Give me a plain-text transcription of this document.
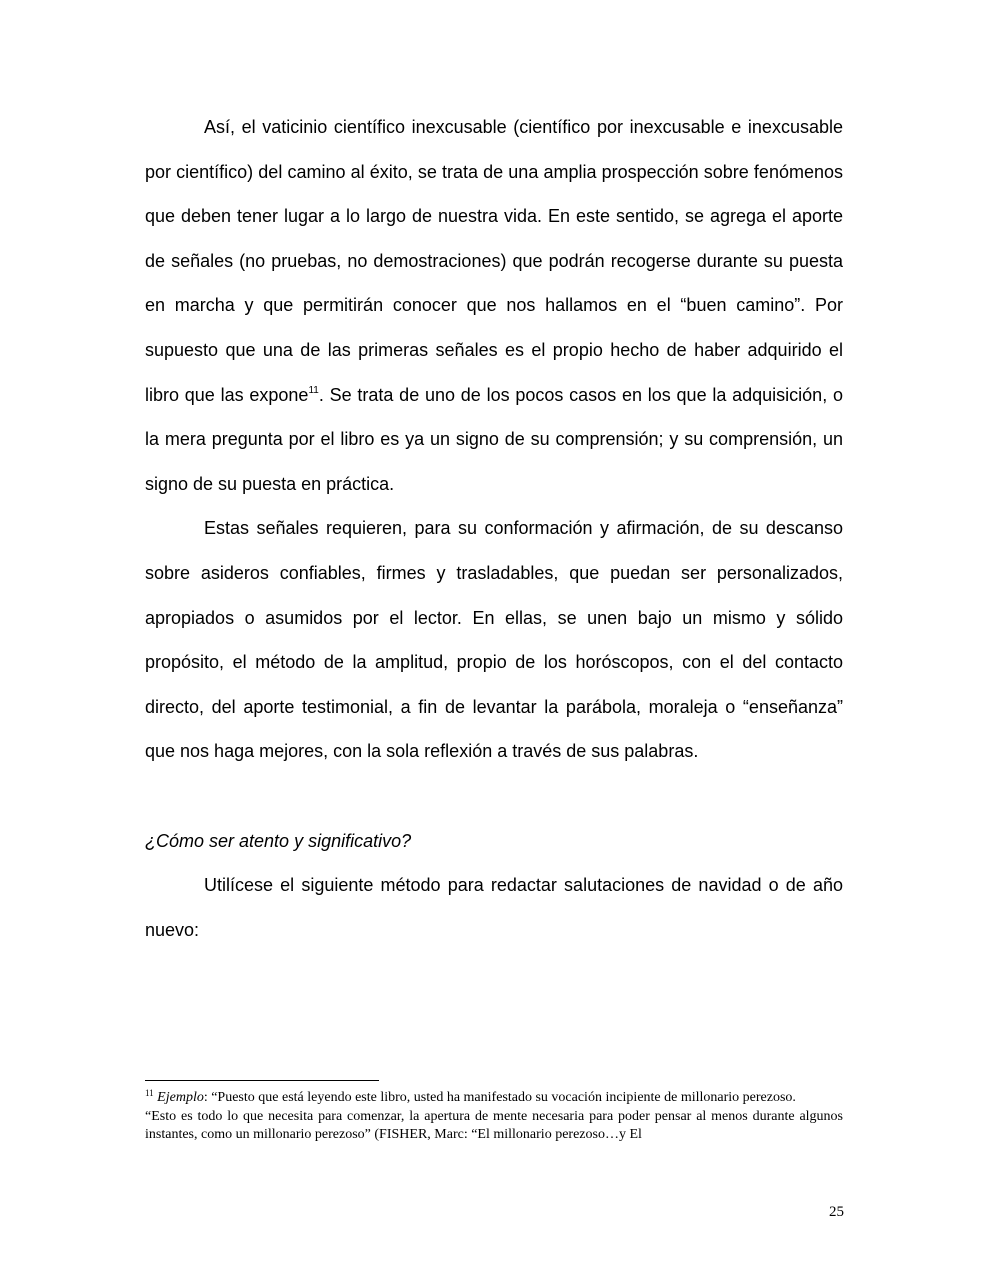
Así, el vaticinio científico inexcusable (científico por inexcusable e inexcusable por científico) del camino al éxito, se trata de una amplia prospección sobre fenómenos que deben tener lugar a lo largo de nuestra vida. En este sentido, se agrega el aporte de señales (no pruebas, no demostraciones) que podrán recogerse durante su puesta en marcha y que permitirán conocer que nos hallamos en el “buen camino”. Por supuesto que una de las primeras señales es el propio hecho de haber adquirido el libro que las expone$^{11}$. Se trata de uno de los pocos casos en los que la adquisición, o la mera pregunta por el libro es ya un signo de su comprensión; y su comprensión, un signo de su puesta en práctica.

Estas señales requieren, para su conformación y afirmación, de su descanso sobre asideros confiables, firmes y trasladables, que puedan ser personalizados, apropiados o asumidos por el lector. En ellas, se unen bajo un mismo y sólido propósito, el método de la amplitud, propio de los horóscopos, con el del contacto directo, del aporte testimonial, a fin de levantar la parábola, moraleja o “enseñanza” que nos haga mejores, con la sola reflexión a través de sus palabras.

¿Cómo ser atento y significativo?

Utilícese el siguiente método para redactar salutaciones de navidad o de año nuevo:

$^{11}$ Ejemplo: “Puesto que está leyendo este libro, usted ha manifestado su vocación incipiente de millonario perezoso.

“Esto es todo lo que necesita para comenzar, la apertura de mente necesaria para poder pensar al menos durante algunos instantes, como un millonario perezoso” (FISHER, Marc: “El millonario perezoso…y El

25
